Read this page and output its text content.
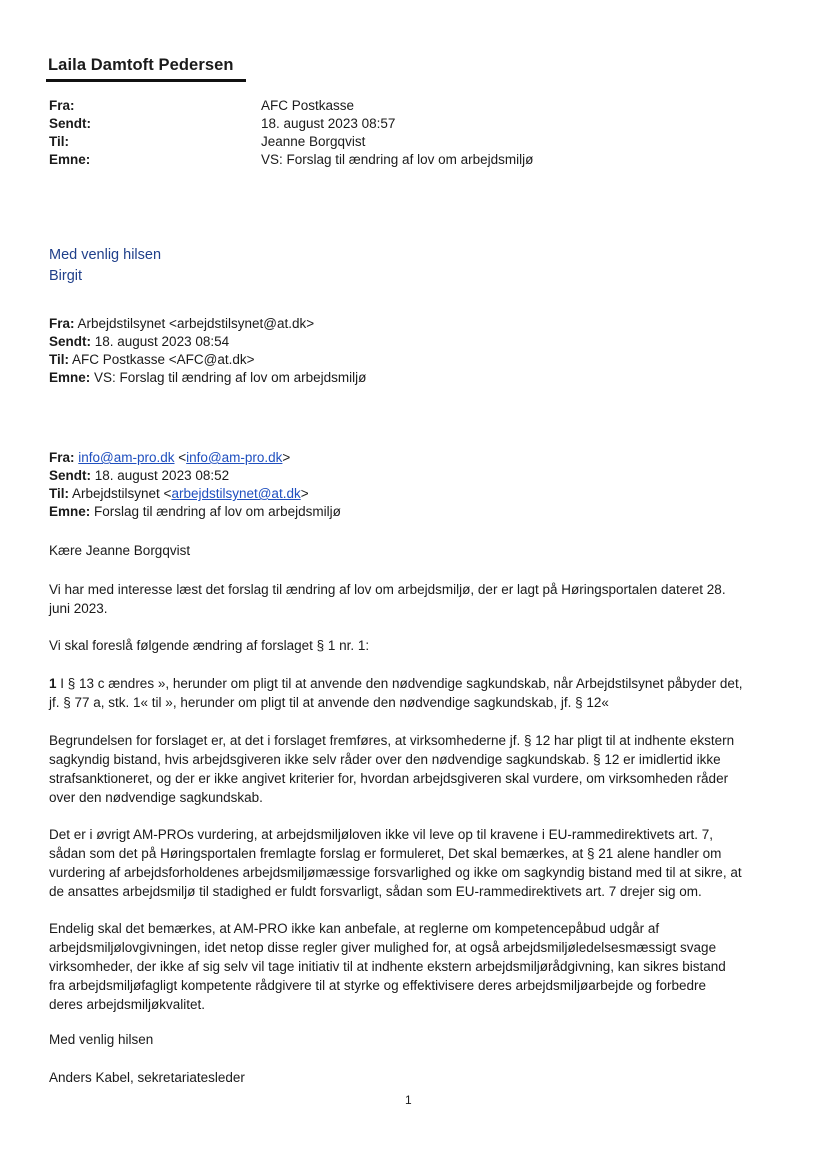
Laila Damtoft Pedersen
Fra:	AFC Postkasse
Sendt:	18. august 2023 08:57
Til:	Jeanne Borgqvist
Emne:	VS: Forslag til ændring af lov om arbejdsmiljø
Med venlig hilsen
Birgit
Fra: Arbejdstilsynet <arbejdstilsynet@at.dk>
Sendt: 18. august 2023 08:54
Til: AFC Postkasse <AFC@at.dk>
Emne: VS: Forslag til ændring af lov om arbejdsmiljø
Fra: info@am-pro.dk <info@am-pro.dk>
Sendt: 18. august 2023 08:52
Til: Arbejdstilsynet <arbejdstilsynet@at.dk>
Emne: Forslag til ændring af lov om arbejdsmiljø
Kære Jeanne Borgqvist
Vi har med interesse læst det forslag til ændring af lov om arbejdsmiljø, der er lagt på Høringsportalen dateret 28.
juni 2023.
Vi skal foreslå følgende ændring af forslaget § 1 nr. 1:
1 I § 13 c ændres », herunder om pligt til at anvende den nødvendige sagkundskab, når Arbejdstilsynet påbyder det,
jf. § 77 a, stk. 1« til », herunder om pligt til at anvende den nødvendige sagkundskab, jf. § 12«
Begrundelsen for forslaget er, at det i forslaget fremføres, at virksomhederne jf. § 12 har pligt til at indhente ekstern
sagkyndig bistand, hvis arbejdsgiveren ikke selv råder over den nødvendige sagkundskab. § 12 er imidlertid ikke
strafsanktioneret, og der er ikke angivet kriterier for, hvordan arbejdsgiveren skal vurdere, om virksomheden råder
over den nødvendige sagkundskab.
Det er i øvrigt AM-PROs vurdering, at arbejdsmiljøloven ikke vil leve op til kravene i EU-rammedirektivets art. 7,
sådan som det på Høringsportalen fremlagte forslag er formuleret, Det skal bemærkes, at § 21 alene handler om
vurdering af arbejdsforholdenes arbejdsmiljømæssige forsvarlighed og ikke om sagkyndig bistand med til at sikre, at
de ansattes arbejdsmiljø til stadighed er fuldt forsvarligt, sådan som EU-rammedirektivets art. 7 drejer sig om.
Endelig skal det bemærkes, at AM-PRO ikke kan anbefale, at reglerne om kompetencepåbud udgår af
arbejdsmiljølovgivningen, idet netop disse regler giver mulighed for, at også arbejdsmiljøledelsesmæssigt svage
virksomheder, der ikke af sig selv vil tage initiativ til at indhente ekstern arbejdsmiljørådgivning, kan sikres bistand
fra arbejdsmiljøfagligt kompetente rådgivere til at styrke og effektivisere deres arbejdsmiljøarbejde og forbedre
deres arbejdsmiljøkvalitet.
Med venlig hilsen
Anders Kabel, sekretariatesleder
1
